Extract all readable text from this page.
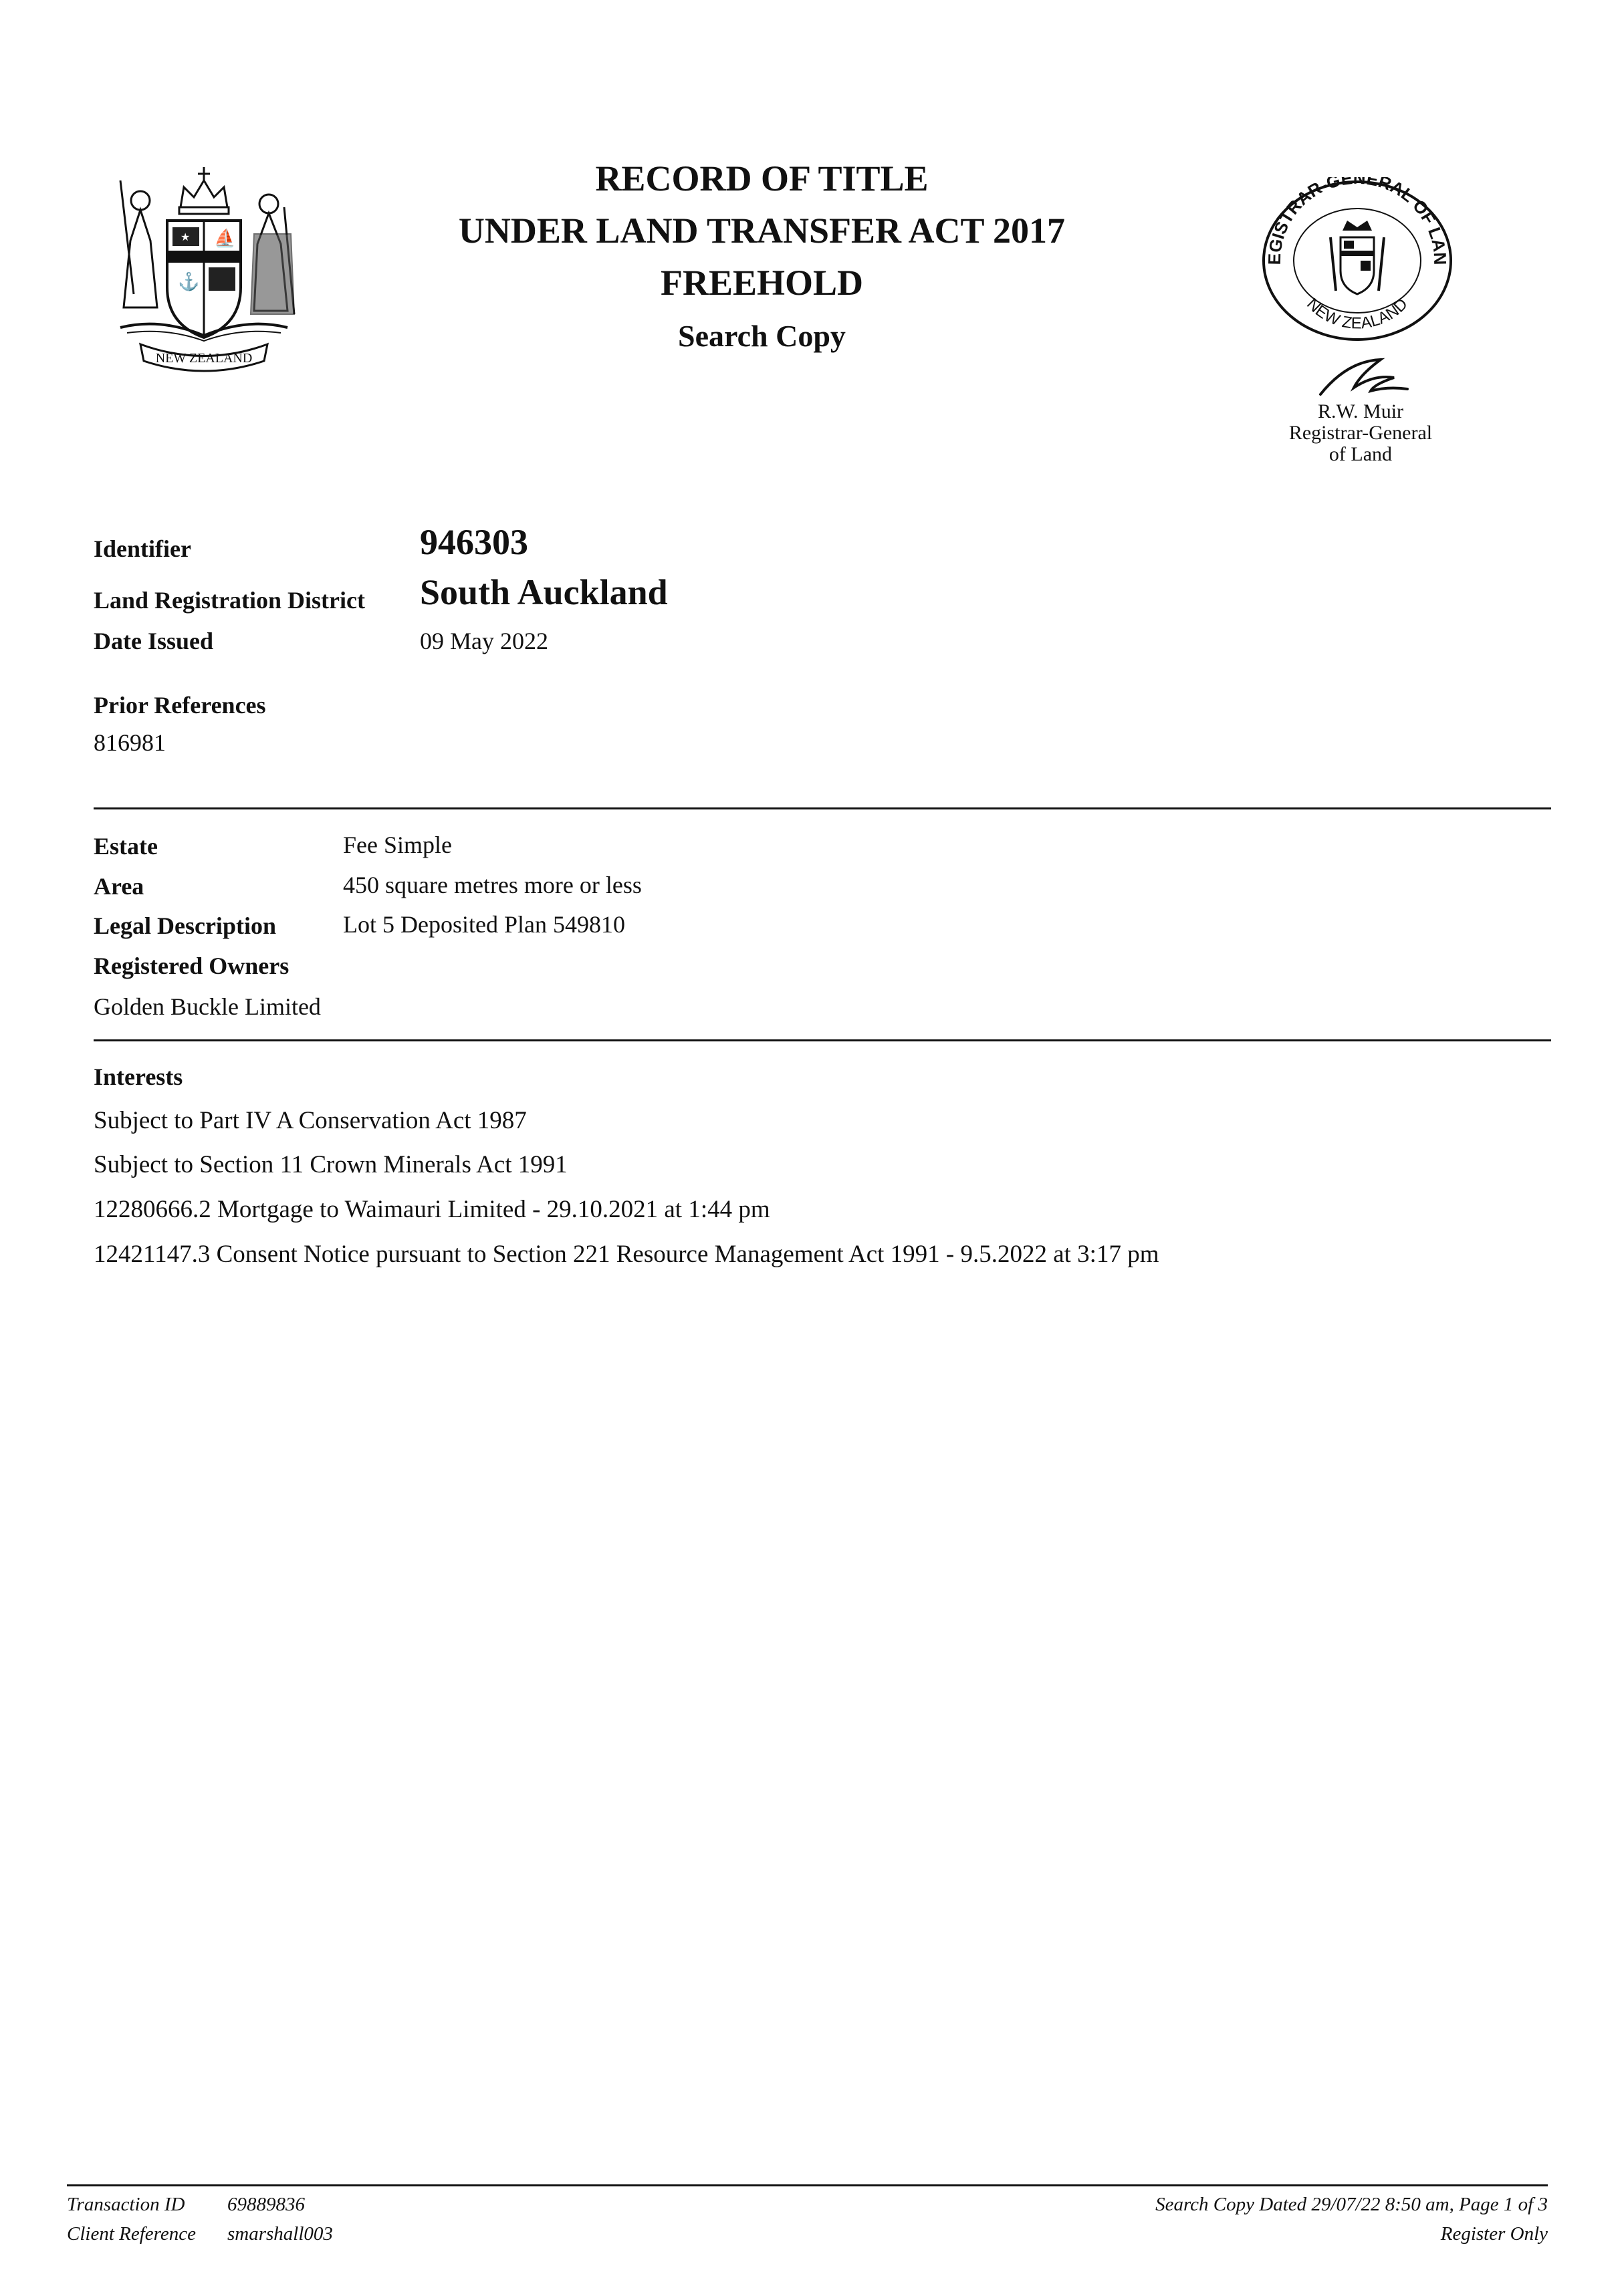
★
⚓
⛵
NEW ZEALAND
RECORD OF TITLE
UNDER LAND TRANSFER ACT 2017
FREEHOLD
Search Copy
EGISTRAR-GENERAL OF LAN
NEW ZEALAND
R.W. Muir
Registrar-General
of Land
Identifier	946303
Land Registration District South Auckland
Date Issued	09 May 2022
Prior References
816981
Estate	Fee Simple
Area	450 square metres more or less
Legal Description	Lot 5 Deposited Plan 549810
Registered Owners
Golden Buckle Limited
Interests
Subject to Part IV A Conservation Act 1987
Subject to Section 11 Crown Minerals Act 1991
12280666.2 Mortgage to Waimauri Limited - 29.10.2021 at 1:44 pm
12421147.3 Consent Notice pursuant to Section 221 Resource Management Act 1991 - 9.5.2022 at 3:17 pm
Transaction ID 69889836
Client Reference smarshall003
Search Copy Dated 29/07/22 8:50 am, Page 1 of 3
Register Only
